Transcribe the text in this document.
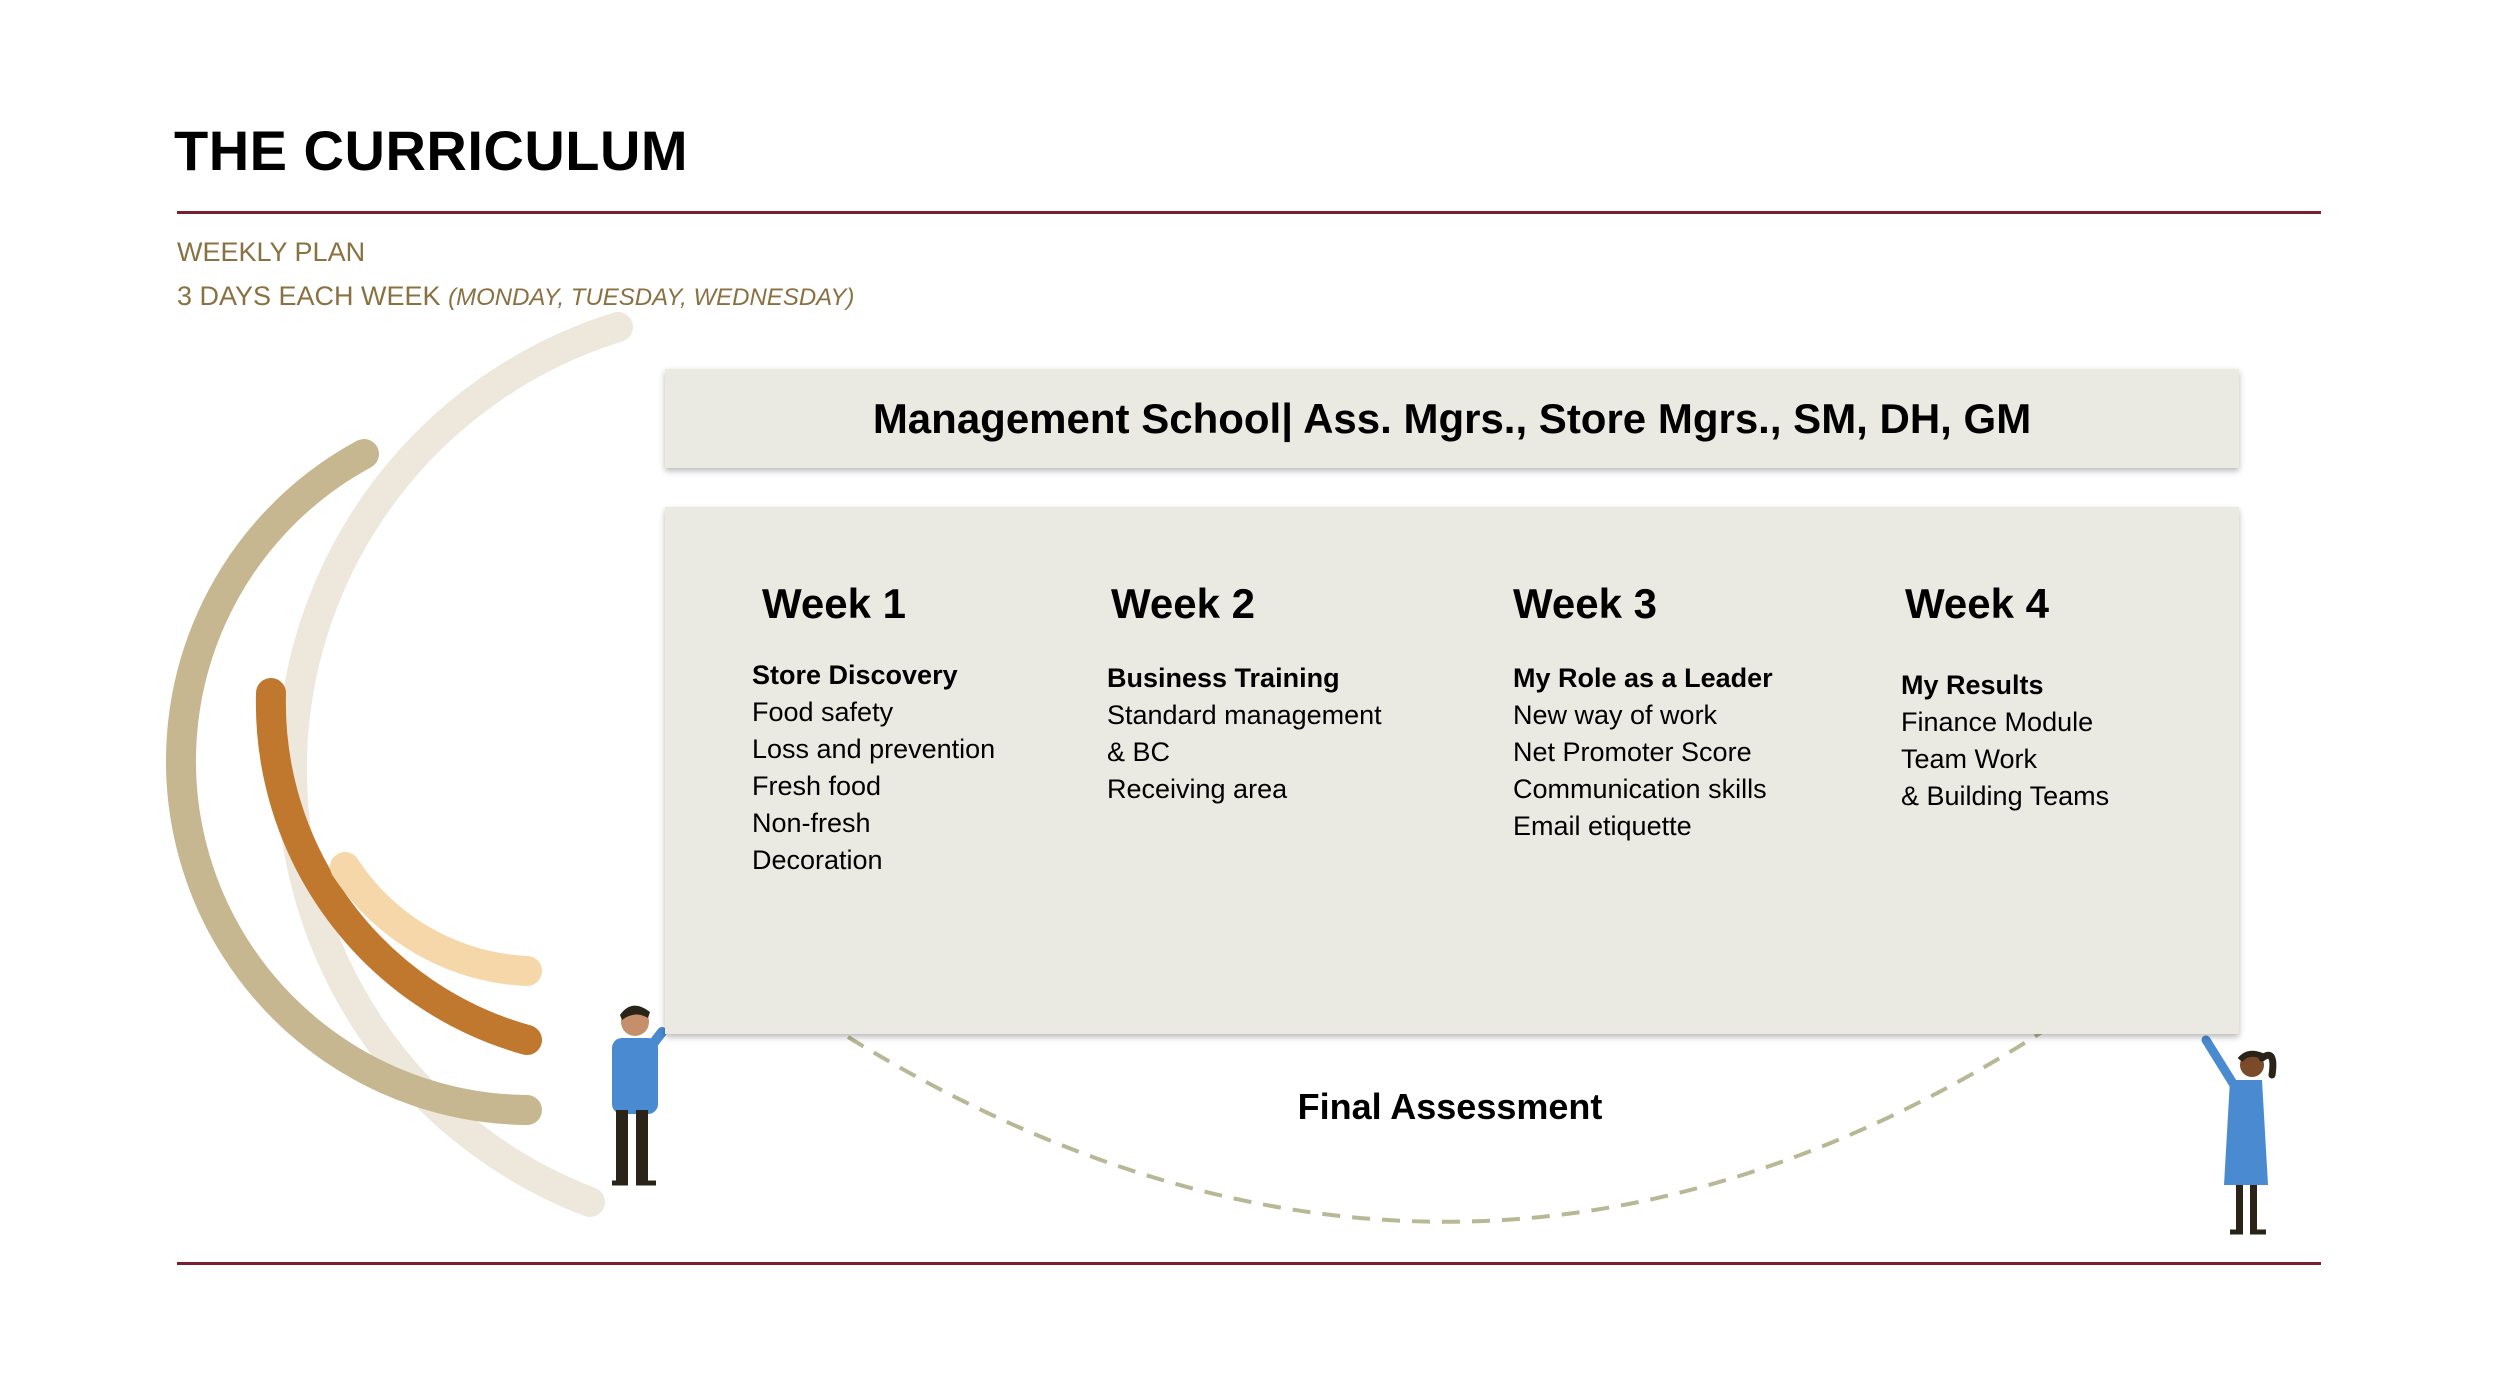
THE CURRICULUM
WEEKLY PLAN
3 DAYS EACH WEEK (MONDAY, TUESDAY, WEDNESDAY)
Management School| Ass. Mgrs., Store Mgrs., SM, DH, GM
Week 1
Store Discovery
Food safety
Loss and prevention
Fresh food
Non-fresh
Decoration
Week 2
Business Training
Standard management
& BC
Receiving area
Week 3
My Role as a Leader
New way of work
Net Promoter Score
Communication skills
Email etiquette
Week 4
My Results
Finance Module
Team Work
& Building Teams
Final Assessment
